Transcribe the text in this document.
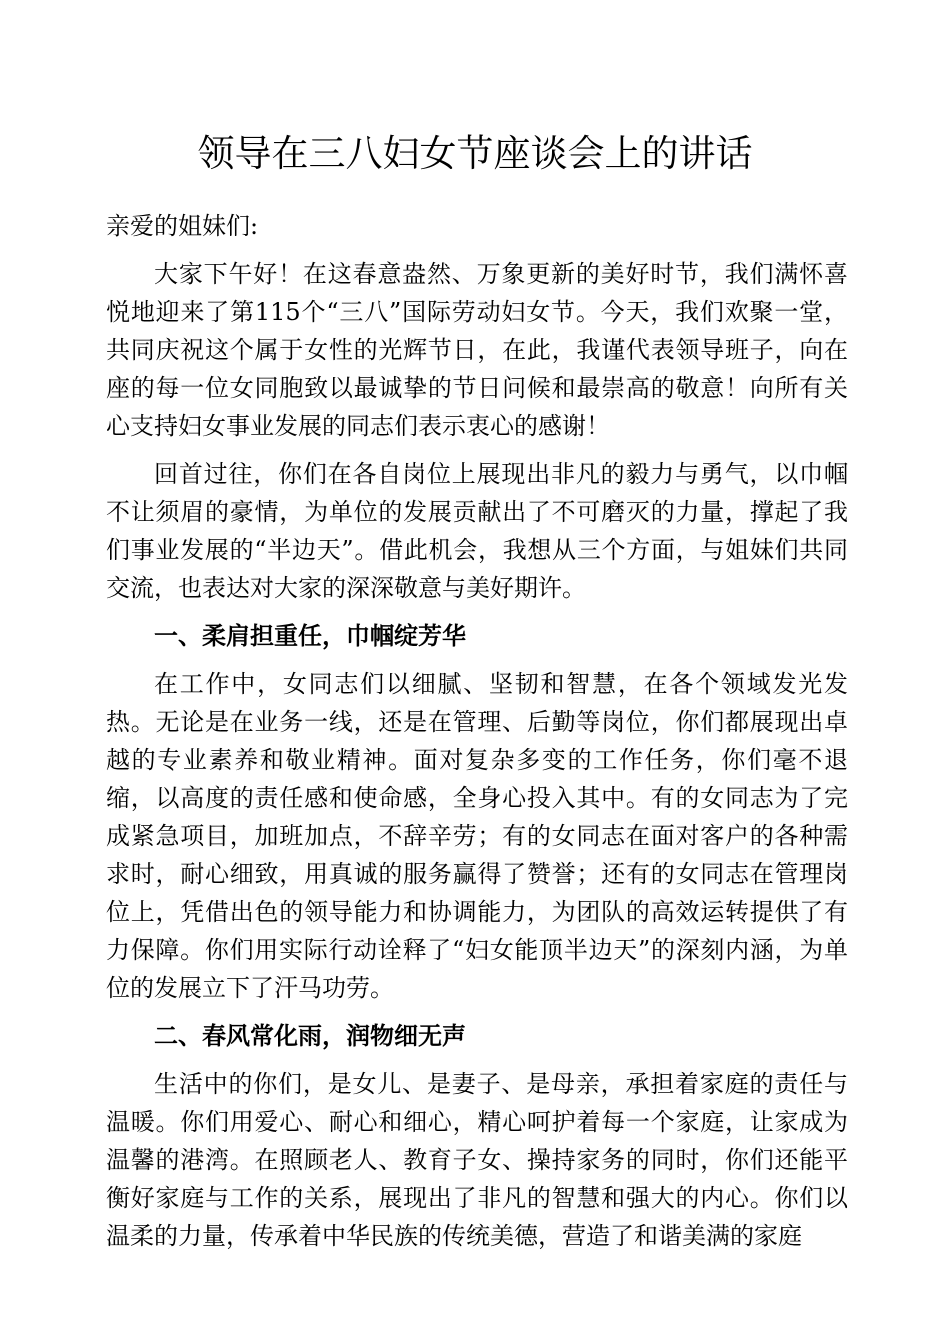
领导在三八妇女节座谈会上的讲话

亲爱的姐妹们:

大家下午好！在这春意盎然、万象更新的美好时节，我们满怀喜悦地迎来了第115个“三八”国际劳动妇女节。今天，我们欢聚一堂，共同庆祝这个属于女性的光辉节日，在此，我谨代表领导班子，向在座的每一位女同胞致以最诚挚的节日问候和最崇高的敬意！向所有关心支持妇女事业发展的同志们表示衷心的感谢！

回首过往，你们在各自岗位上展现出非凡的毅力与勇气，以巾帼不让须眉的豪情，为单位的发展贡献出了不可磨灭的力量，撑起了我们事业发展的“半边天”。借此机会，我想从三个方面，与姐妹们共同交流，也表达对大家的深深敬意与美好期许。

一、柔肩担重任，巾帼绽芳华

在工作中，女同志们以细腻、坚韧和智慧，在各个领域发光发热。无论是在业务一线，还是在管理、后勤等岗位，你们都展现出卓越的专业素养和敬业精神。面对复杂多变的工作任务，你们毫不退缩，以高度的责任感和使命感，全身心投入其中。有的女同志为了完成紧急项目，加班加点，不辞辛劳；有的女同志在面对客户的各种需求时，耐心细致，用真诚的服务赢得了赞誉；还有的女同志在管理岗位上，凭借出色的领导能力和协调能力，为团队的高效运转提供了有力保障。你们用实际行动诠释了“妇女能顶半边天”的深刻内涵，为单位的发展立下了汗马功劳。

二、春风常化雨，润物细无声

生活中的你们，是女儿、是妻子、是母亲，承担着家庭的责任与温暖。你们用爱心、耐心和细心，精心呵护着每一个家庭，让家成为温馨的港湾。在照顾老人、教育子女、操持家务的同时，你们还能平衡好家庭与工作的关系，展现出了非凡的智慧和强大的内心。你们以温柔的力量，传承着中华民族的传统美德，营造了和谐美满的家庭
